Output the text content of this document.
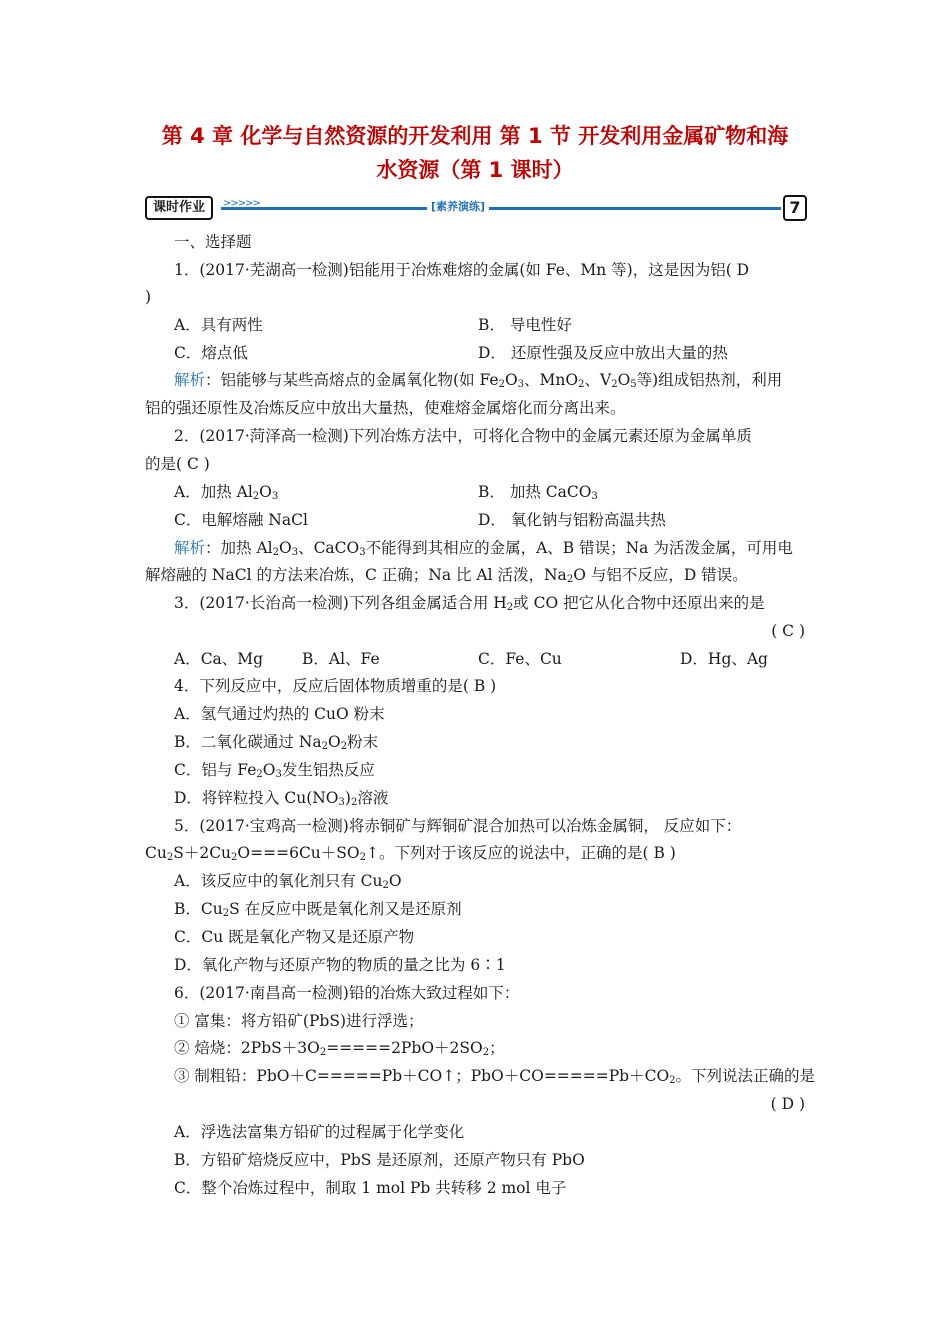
第 4 章 化学与自然资源的开发利用 第 1 节 开发利用金属矿物和海
水资源（第 1 课时）
课时作业	>>>>>	[素养演练]	7
一、选择题
1．(2017·芜湖高一检测)铝能用于冶炼难熔的金属(如 Fe、Mn 等)，这是因为铝( D
)
A．具有两性	B． 导电性好
C．熔点低	D． 还原性强及反应中放出大量的热
解析：铝能够与某些高熔点的金属氧化物(如 $Fe_2O_3$、MnO$_2$、$V_2O_5$等)组成铝热剂，利用
铝的强还原性及冶炼反应中放出大量热，使难熔金属熔化而分离出来。
2．(2017·菏泽高一检测)下列冶炼方法中，可将化合物中的金属元素还原为金属单质
的是( C )
A．加热 $Al_2O_3$	B． 加热 CaCO$_3$
C．电解熔融 NaCl	D． 氧化钠与铝粉高温共热
解析：加热 $Al_2O_3$、CaCO$_3$不能得到其相应的金属，A、B 错误；Na 为活泼金属，可用电
解熔融的 NaCl 的方法来冶炼，C 正确；Na 比 Al 活泼，$Na_2O$ 与铝不反应，D 错误。
3．(2017·长治高一检测)下列各组金属适合用 $H_2$或 CO 把它从化合物中还原出来的是
( C )
A．Ca、Mg	B．Al、Fe	C．Fe、Cu	D．Hg、Ag
4．下列反应中，反应后固体物质增重的是( B )
A．氢气通过灼热的 CuO 粉末
B．二氧化碳通过 $Na_2O_2$粉末
C．铝与 $Fe_2O_3$发生铝热反应
D．将锌粒投入 $Cu(NO_3)_2$溶液
5．(2017·宝鸡高一检测)将赤铜矿与辉铜矿混合加热可以冶炼金属铜， 反应如下：
$Cu_2S+2Cu_2O===6Cu+SO_2↑$。下列对于该反应的说法中，正确的是( B )
A．该反应中的氧化剂只有 $Cu_2O$
B．$Cu_2S$ 在反应中既是氧化剂又是还原剂
C．Cu 既是氧化产物又是还原产物
D．氧化产物与还原产物的物质的量之比为 6∶1
6．(2017·南昌高一检测)铅的冶炼大致过程如下：
① 富集：将方铅矿(PbS)进行浮选；
② 焙烧：$2PbS+3O_2=====2PbO+2SO_2$；
③ 制粗铅：PbO＋C=====Pb＋CO↑；$PbO+CO=====Pb+CO_2$。下列说法正确的是
( D )
A．浮选法富集方铅矿的过程属于化学变化
B．方铅矿焙烧反应中，PbS 是还原剂，还原产物只有 PbO
C．整个冶炼过程中，制取 1 mol Pb 共转移 2 mol 电子
